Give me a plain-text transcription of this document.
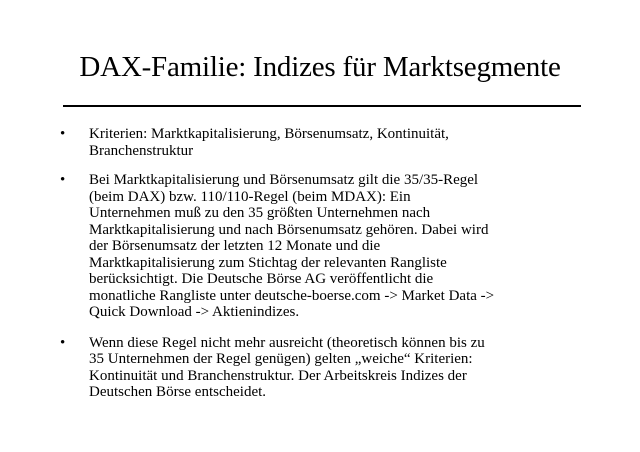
DAX-Familie: Indizes für Marktsegmente
•	Kriterien: Marktkapitalisierung, Börsenumsatz, Kontinuität,
Branchenstruktur
•	Bei Marktkapitalisierung und Börsenumsatz gilt die 35/35-Regel
(beim DAX) bzw. 110/110-Regel (beim MDAX): Ein
Unternehmen muß zu den 35 größten Unternehmen nach
Marktkapitalisierung und nach Börsenumsatz gehören. Dabei wird
der Börsenumsatz der letzten 12 Monate und die
Marktkapitalisierung zum Stichtag der relevanten Rangliste
berücksichtigt. Die Deutsche Börse AG veröffentlicht die
monatliche Rangliste unter deutsche-boerse.com -> Market Data ->
Quick Download -> Aktienindizes.
•	Wenn diese Regel nicht mehr ausreicht (theoretisch können bis zu
35 Unternehmen der Regel genügen) gelten „weiche“ Kriterien:
Kontinuität und Branchenstruktur. Der Arbeitskreis Indizes der
Deutschen Börse entscheidet.
